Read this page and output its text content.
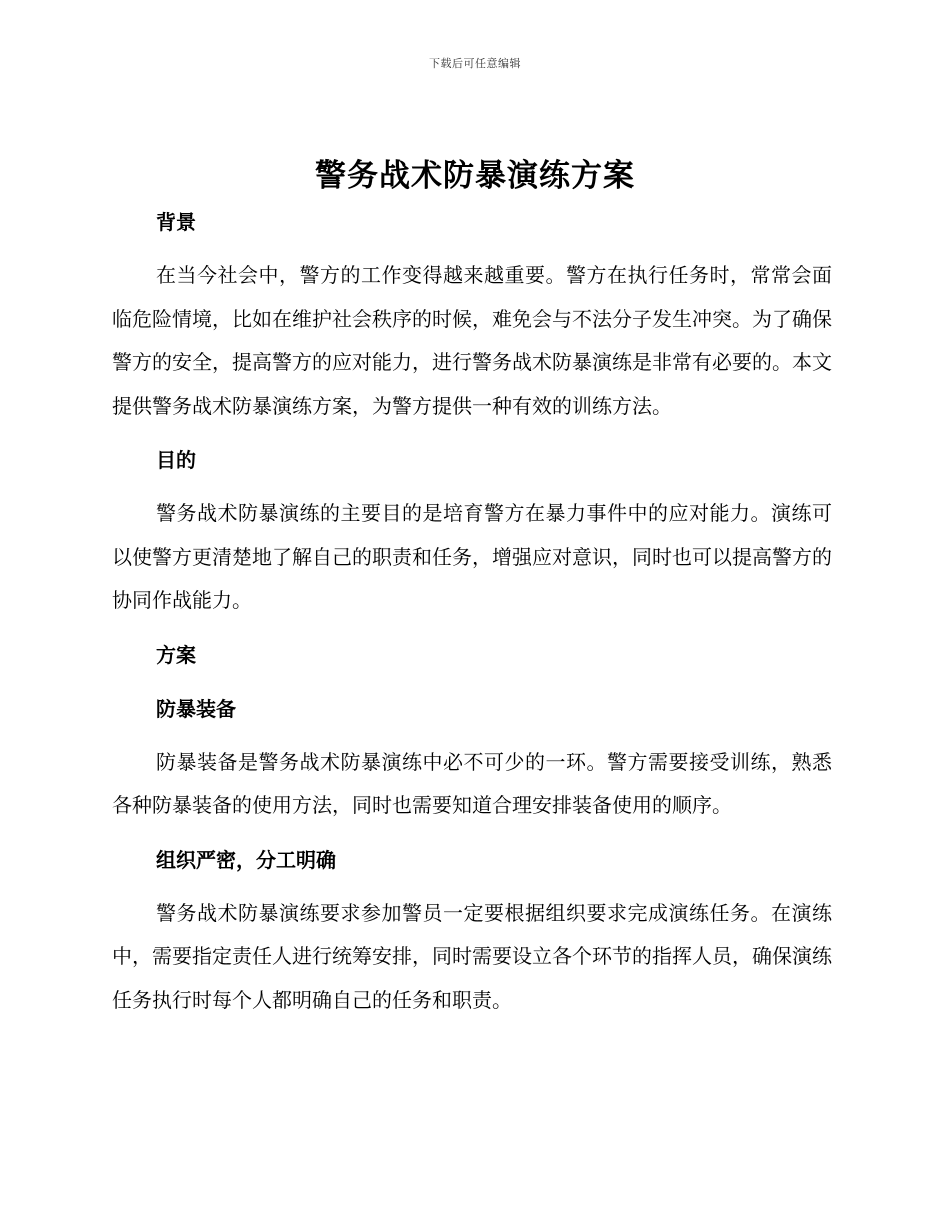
下载后可任意编辑
警务战术防暴演练方案
背景

在当今社会中，警方的工作变得越来越重要。警方在执行任务时，常常会面临危险情境，比如在维护社会秩序的时候，难免会与不法分子发生冲突。为了确保警方的安全，提高警方的应对能力，进行警务战术防暴演练是非常有必要的。本文提供警务战术防暴演练方案，为警方提供一种有效的训练方法。

目的

警务战术防暴演练的主要目的是培育警方在暴力事件中的应对能力。演练可以使警方更清楚地了解自己的职责和任务，增强应对意识，同时也可以提高警方的协同作战能力。

方案
防暴装备

防暴装备是警务战术防暴演练中必不可少的一环。警方需要接受训练，熟悉各种防暴装备的使用方法，同时也需要知道合理安排装备使用的顺序。

组织严密，分工明确

警务战术防暴演练要求参加警员一定要根据组织要求完成演练任务。在演练中，需要指定责任人进行统筹安排，同时需要设立各个环节的指挥人员，确保演练任务执行时每个人都明确自己的任务和职责。
